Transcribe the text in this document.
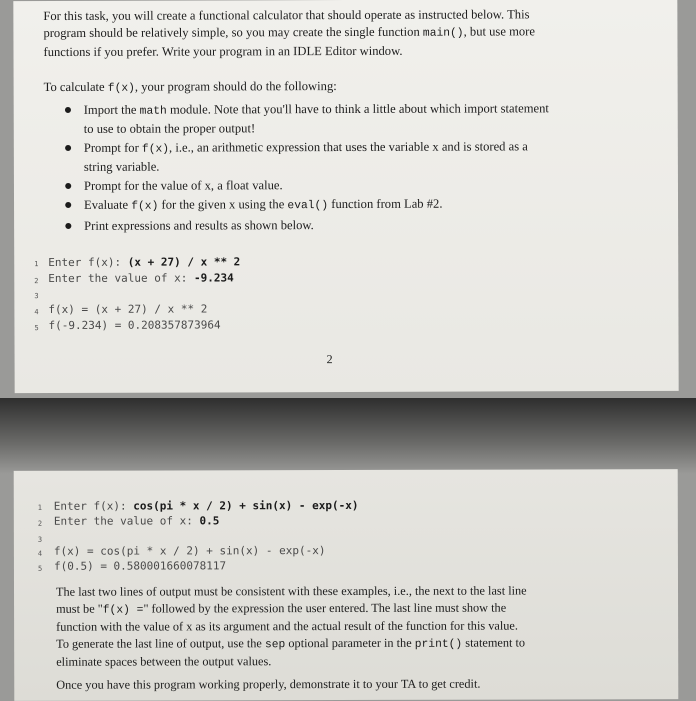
For this task, you will create a functional calculator that should operate as instructed below. This
program should be relatively simple, so you may create the single function main(), but use more
functions if you prefer. Write your program in an IDLE Editor window.
To calculate f(x), your program should do the following:
● Import the math module. Note that you'll have to think a little about which import statement
to use to obtain the proper output!
● Prompt for f(x), i.e., an arithmetic expression that uses the variable x and is stored as a
string variable.
● Prompt for the value of x, a float value.
● Evaluate f(x) for the given x using the eval() function from Lab #2.
● Print expressions and results as shown below.
1
2
3
4
5
Enter f(x): (x + 27) / x ** 2
Enter the value of x: -9.234
f(x) = (x + 27) / x ** 2
f(-9.234) = 0.208357873964
2
1
2
3
4
5
Enter f(x): cos(pi * x / 2) + sin(x) - exp(-x)
Enter the value of x: 0.5
f(x) = cos(pi * x / 2) + sin(x) - exp(-x)
f(0.5) = 0.580001660078117
The last two lines of output must be consistent with these examples, i.e., the next to the last line
must be "f(x) =" followed by the expression the user entered. The last line must show the
function with the value of x as its argument and the actual result of the function for this value.
To generate the last line of output, use the sep optional parameter in the print() statement to
eliminate spaces between the output values.
Once you have this program working properly, demonstrate it to your TA to get credit.
